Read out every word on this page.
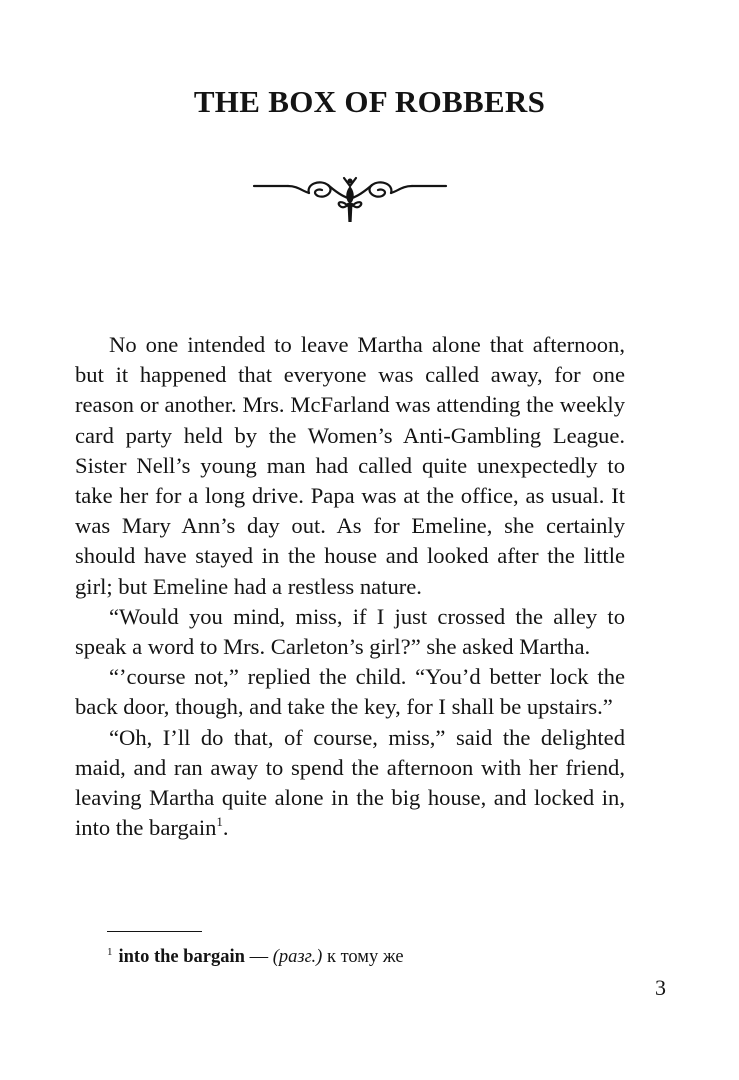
THE BOX OF ROBBERS

No one intended to leave Martha alone that afternoon, but it happened that everyone was called away, for one reason or another. Mrs. McFarland was attending the weekly card party held by the Women’s Anti-Gambling League. Sister Nell’s young man had called quite unexpectedly to take her for a long drive. Papa was at the office, as usual. It was Mary Ann’s day out. As for Emeline, she certainly should have stayed in the house and looked after the little girl; but Emeline had a restless nature.

“Would you mind, miss, if I just crossed the alley to speak a word to Mrs. Carleton’s girl?” she asked Martha.

“’course not,” replied the child. “You’d better lock the back door, though, and take the key, for I shall be upstairs.”

“Oh, I’ll do that, of course, miss,” said the delighted maid, and ran away to spend the afternoon with her friend, leaving Martha quite alone in the big house, and locked in, into the bargain$^1$.

$^1$ into the bargain — (разг.) к тому же

3
